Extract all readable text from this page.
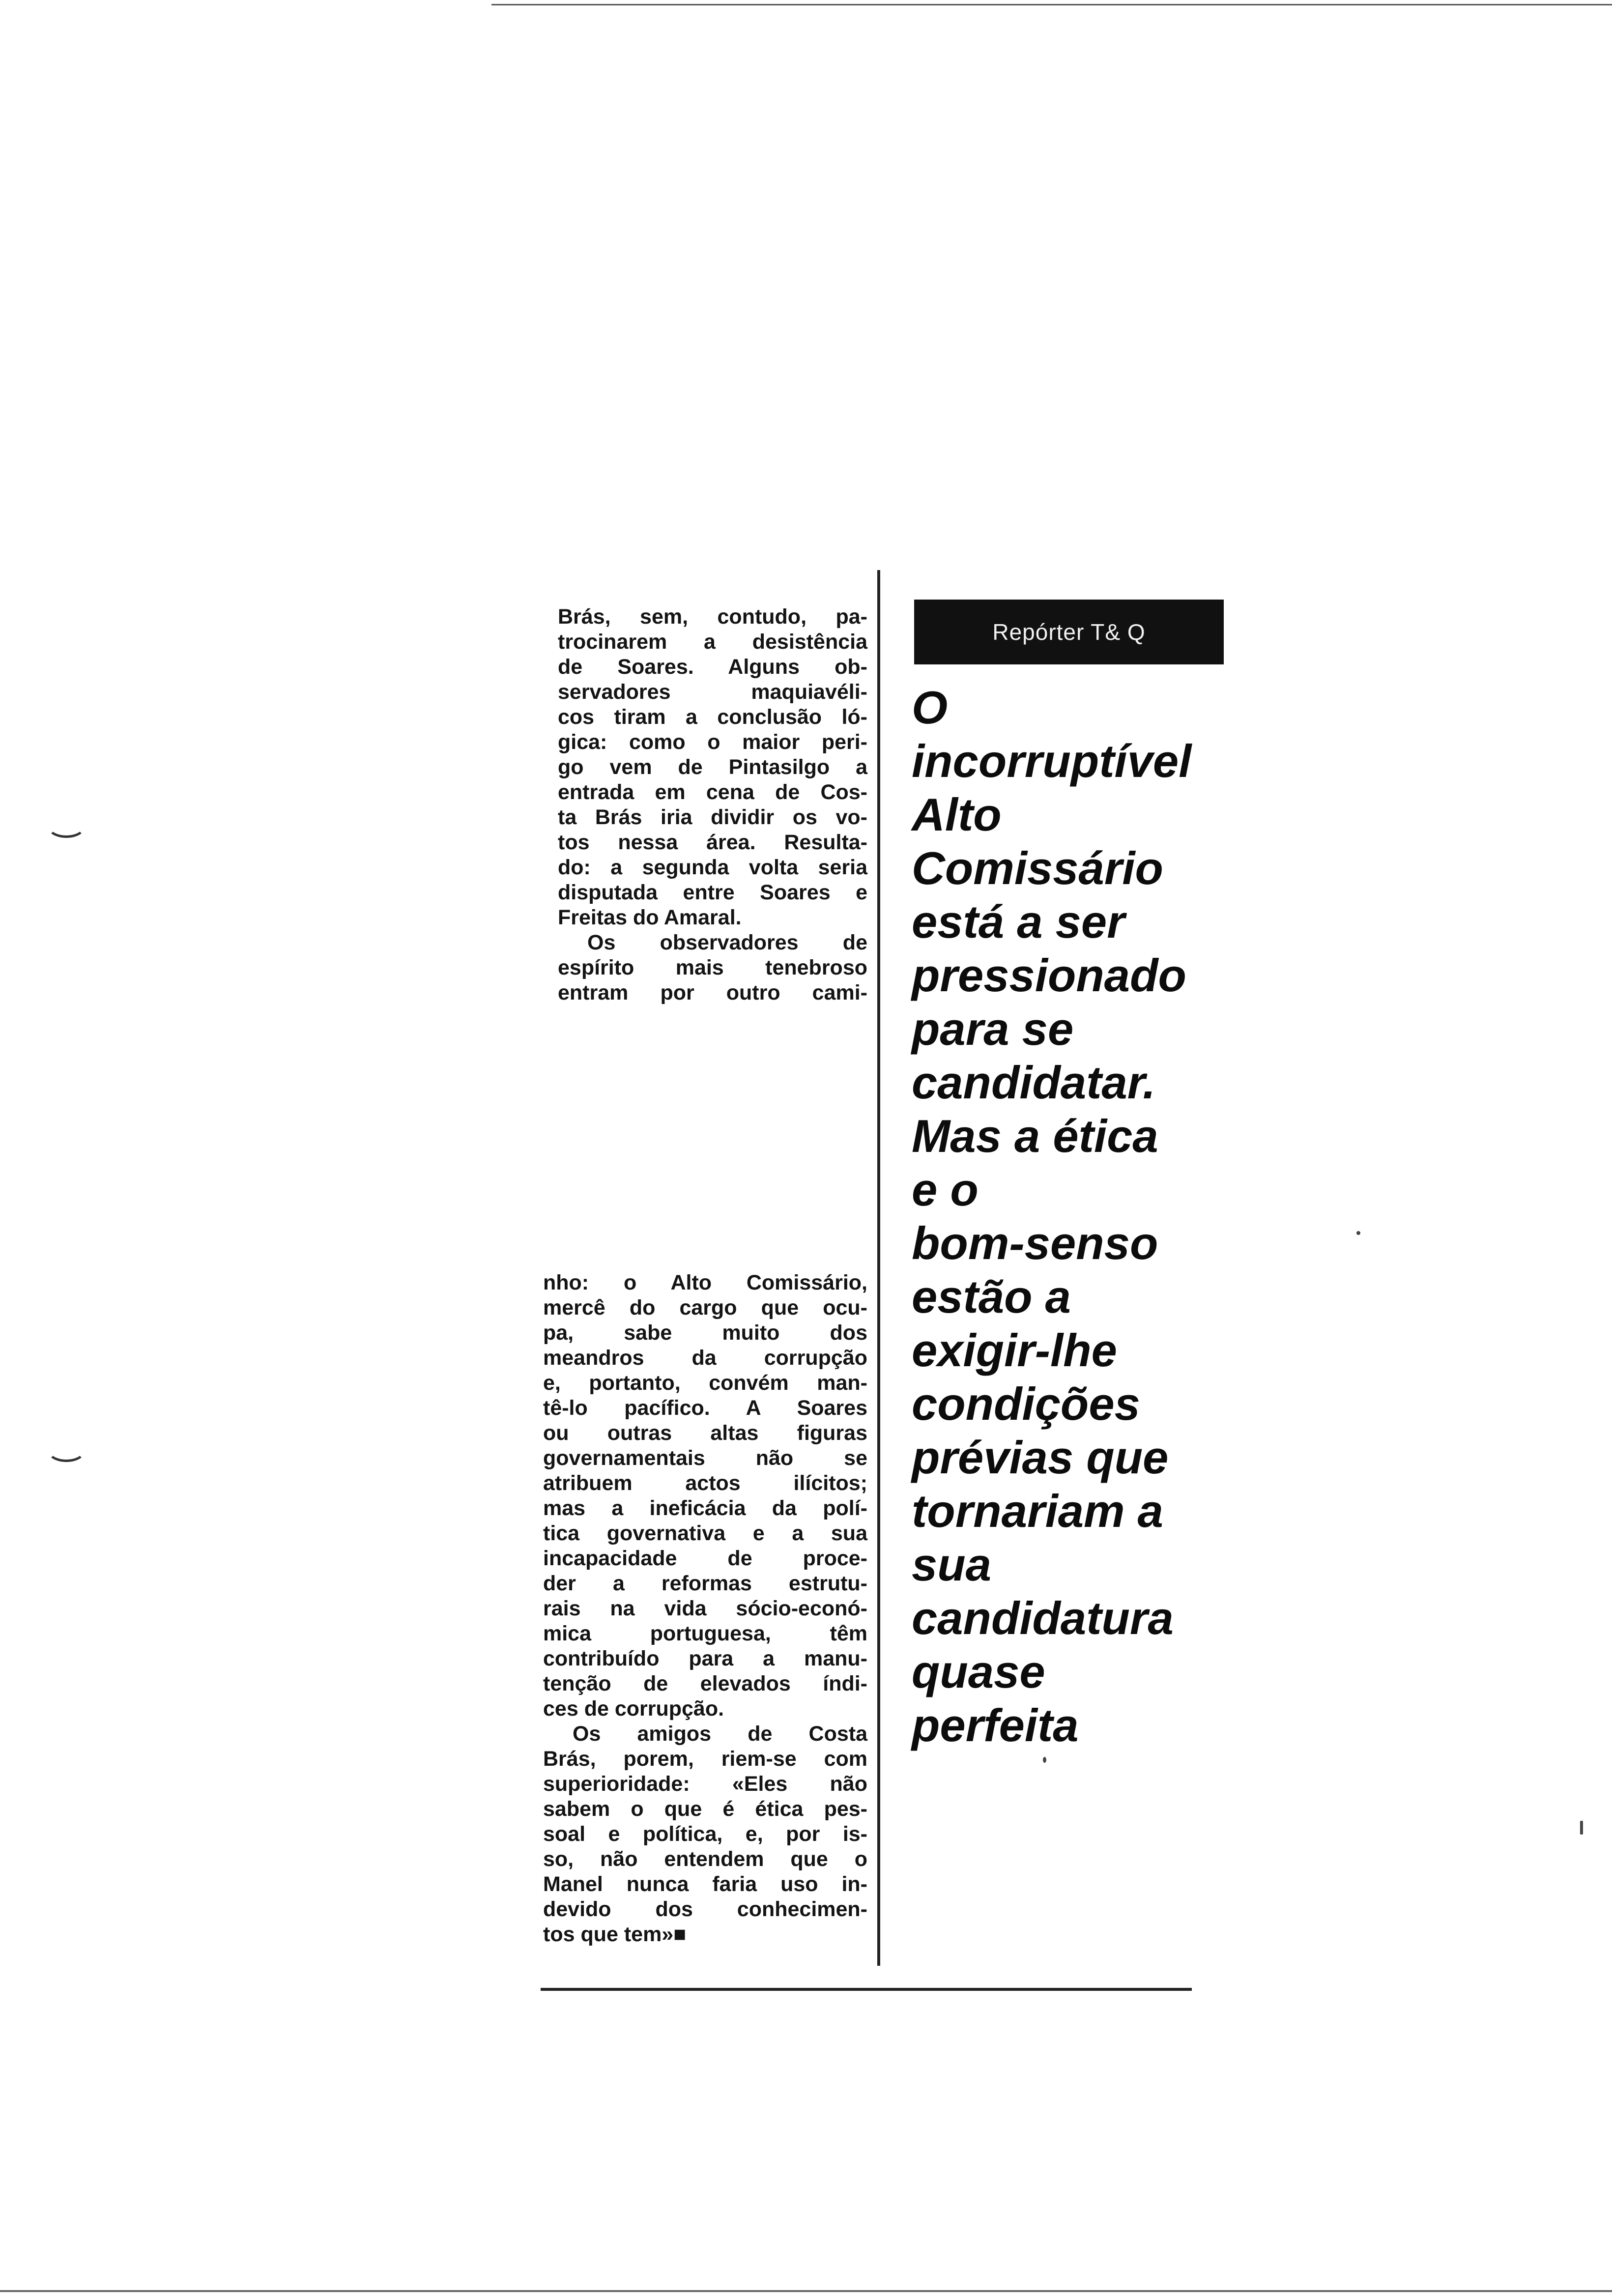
Brás, sem, contudo, pa-
trocinarem a desistência
de Soares. Alguns ob-
servadores maquiavéli-
cos tiram a conclusão ló-
gica: como o maior peri-
go vem de Pintasilgo a
entrada em cena de Cos-
ta Brás iria dividir os vo-
tos nessa área. Resulta-
do: a segunda volta seria
disputada entre Soares e
Freitas do Amaral.
Os observadores de
espírito mais tenebroso
entram por outro cami-
nho: o Alto Comissário,
mercê do cargo que ocu-
pa, sabe muito dos
meandros da corrupção
e, portanto, convém man-
tê-lo pacífico. A Soares
ou outras altas figuras
governamentais não se
atribuem actos ilícitos;
mas a ineficácia da polí-
tica governativa e a sua
incapacidade de proce-
der a reformas estrutu-
rais na vida sócio-econó-
mica portuguesa, têm
contribuído para a manu-
tenção de elevados índi-
ces de corrupção.
Os amigos de Costa
Brás, porem, riem-se com
superioridade: «Eles não
sabem o que é ética pes-
soal e política, e, por is-
so, não entendem que o
Manel nunca faria uso in-
devido dos conhecimen-
tos que tem»■
Repórter T& Q
O
incorruptível
Alto
Comissário
está a ser
pressionado
para se
candidatar.
Mas a ética
e o
bom-senso
estão a
exigir-lhe
condições
prévias que
tornariam a
sua
candidatura
quase
perfeita
